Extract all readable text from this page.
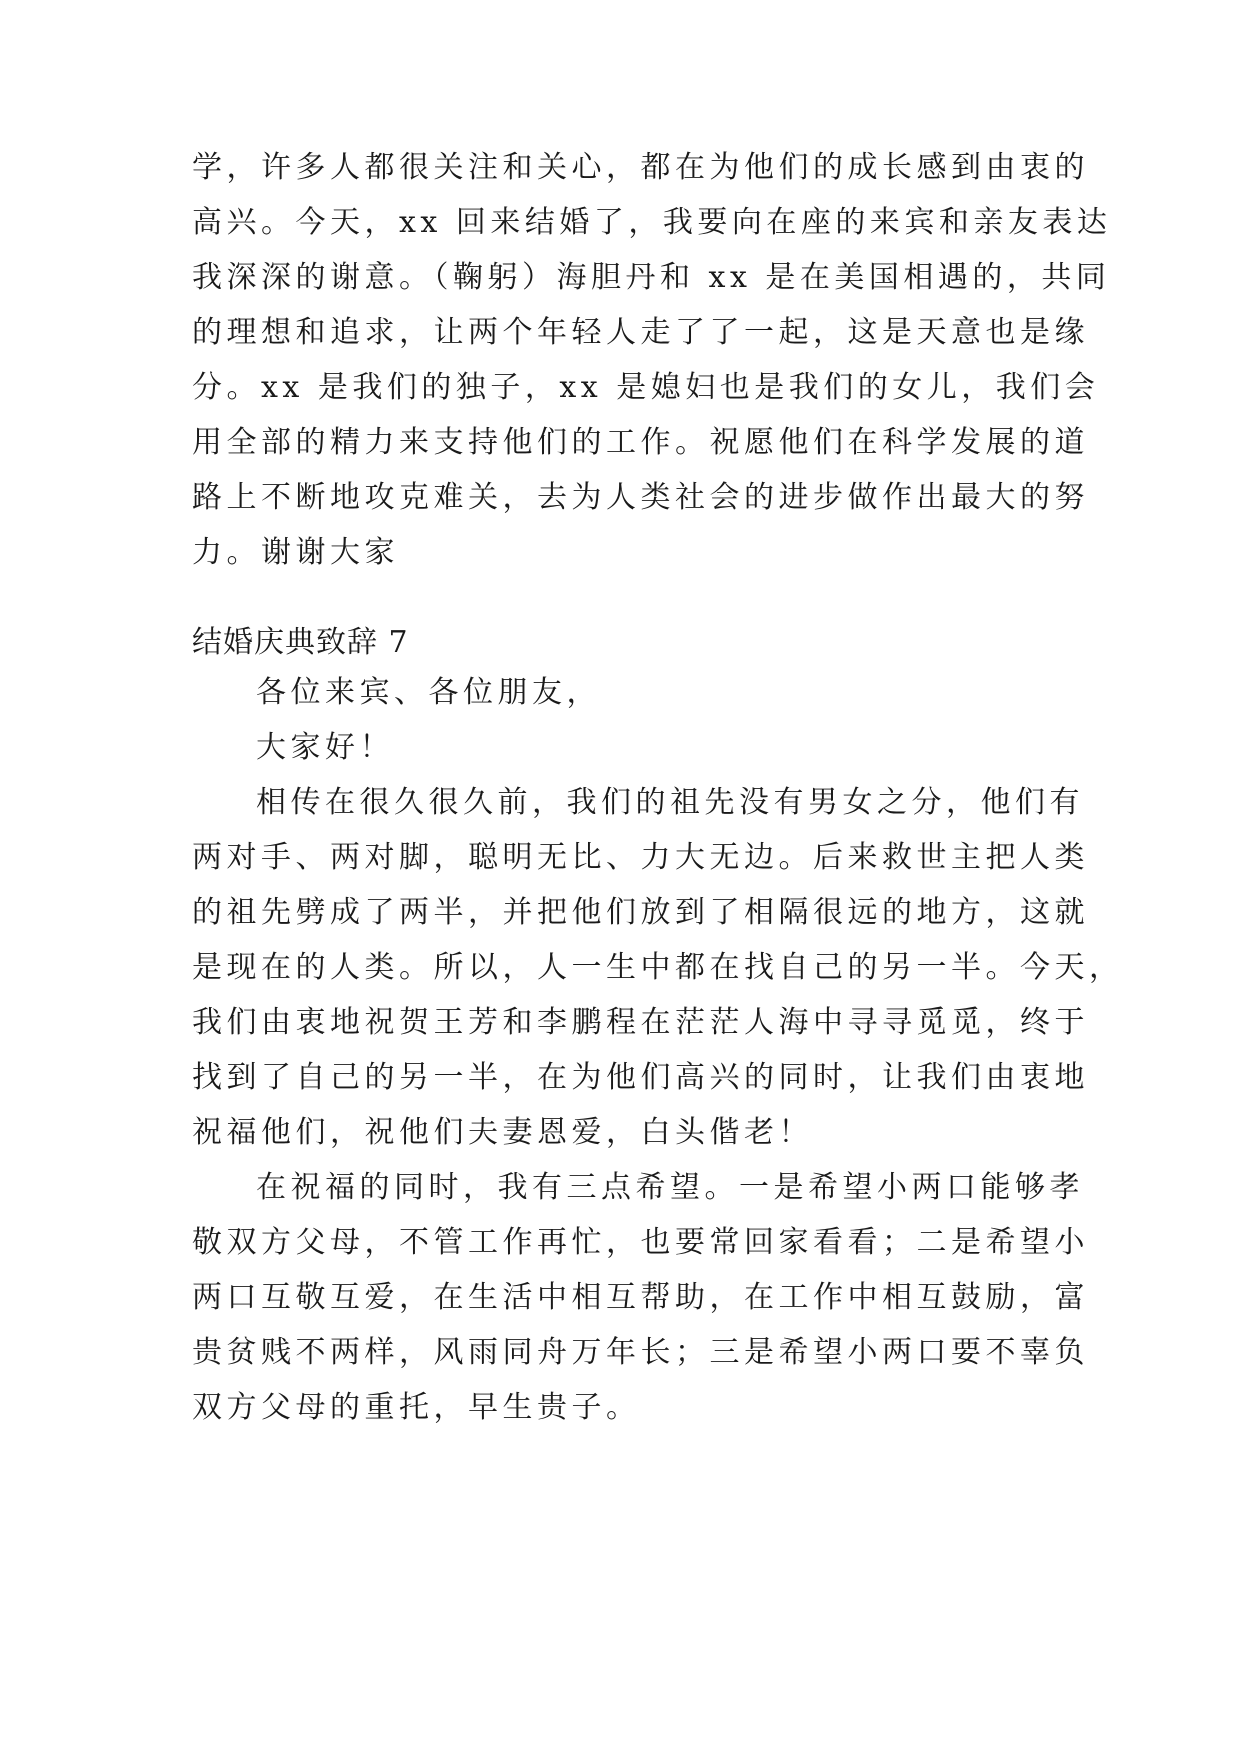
学，许多人都很关注和关心，都在为他们的成长感到由衷的
高兴。今天，xx 回来结婚了，我要向在座的来宾和亲友表达
我深深的谢意。（鞠躬）海胆丹和 xx 是在美国相遇的，共同
的理想和追求，让两个年轻人走了了一起，这是天意也是缘
分。xx 是我们的独子，xx 是媳妇也是我们的女儿，我们会
用全部的精力来支持他们的工作。祝愿他们在科学发展的道
路上不断地攻克难关，去为人类社会的进步做作出最大的努
力。谢谢大家
结婚庆典致辞 7
各位来宾、各位朋友，
大家好！
相传在很久很久前，我们的祖先没有男女之分，他们有
两对手、两对脚，聪明无比、力大无边。后来救世主把人类
的祖先劈成了两半，并把他们放到了相隔很远的地方，这就
是现在的人类。所以，人一生中都在找自己的另一半。今天，
我们由衷地祝贺王芳和李鹏程在茫茫人海中寻寻觅觅，终于
找到了自己的另一半，在为他们高兴的同时，让我们由衷地
祝福他们，祝他们夫妻恩爱，白头偕老！
在祝福的同时，我有三点希望。一是希望小两口能够孝
敬双方父母，不管工作再忙，也要常回家看看；二是希望小
两口互敬互爱，在生活中相互帮助，在工作中相互鼓励，富
贵贫贱不两样，风雨同舟万年长；三是希望小两口要不辜负
双方父母的重托，早生贵子。
